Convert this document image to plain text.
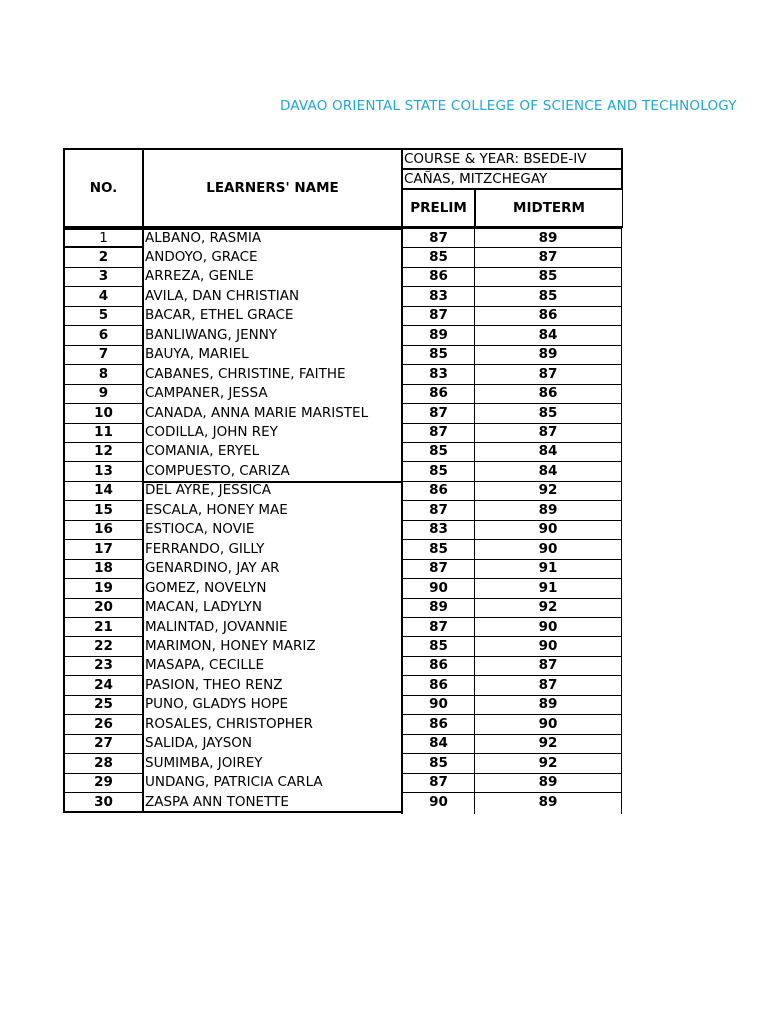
DAVAO ORIENTAL STATE COLLEGE OF SCIENCE AND TECHNOLOGY
NO.	LEARNERS' NAME
COURSE & YEAR: BSEDE-IV
CAÑAS, MITZCHEGAY
PRELIM	MIDTERM
1	ALBANO, RASMIA	87	89
2	ANDOYO, GRACE	85	87
3	ARREZA, GENLE	86	85
4	AVILA, DAN CHRISTIAN	83	85
5	BACAR, ETHEL GRACE	87	86
6	BANLIWANG, JENNY	89	84
7	BAUYA, MARIEL	85	89
8	CABANES, CHRISTINE, FAITHE	83	87
9	CAMPANER, JESSA	86	86
10	CANADA, ANNA MARIE MARISTEL	87	85
11	CODILLA, JOHN REY	87	87
12	COMANIA, ERYEL	85	84
13	COMPUESTO, CARIZA	85	84
14	DEL AYRE, JESSICA	86	92
15	ESCALA, HONEY MAE	87	89
16	ESTIOCA, NOVIE	83	90
17	FERRANDO, GILLY	85	90
18	GENARDINO, JAY AR	87	91
19	GOMEZ, NOVELYN	90	91
20	MACAN, LADYLYN	89	92
21	MALINTAD, JOVANNIE	87	90
22	MARIMON, HONEY MARIZ	85	90
23	MASAPA, CECILLE	86	87
24	PASION, THEO RENZ	86	87
25	PUNO, GLADYS HOPE	90	89
26	ROSALES, CHRISTOPHER	86	90
27	SALIDA, JAYSON	84	92
28	SUMIMBA, JOIREY	85	92
29	UNDANG, PATRICIA CARLA	87	89
30	ZASPA ANN TONETTE	90	89
